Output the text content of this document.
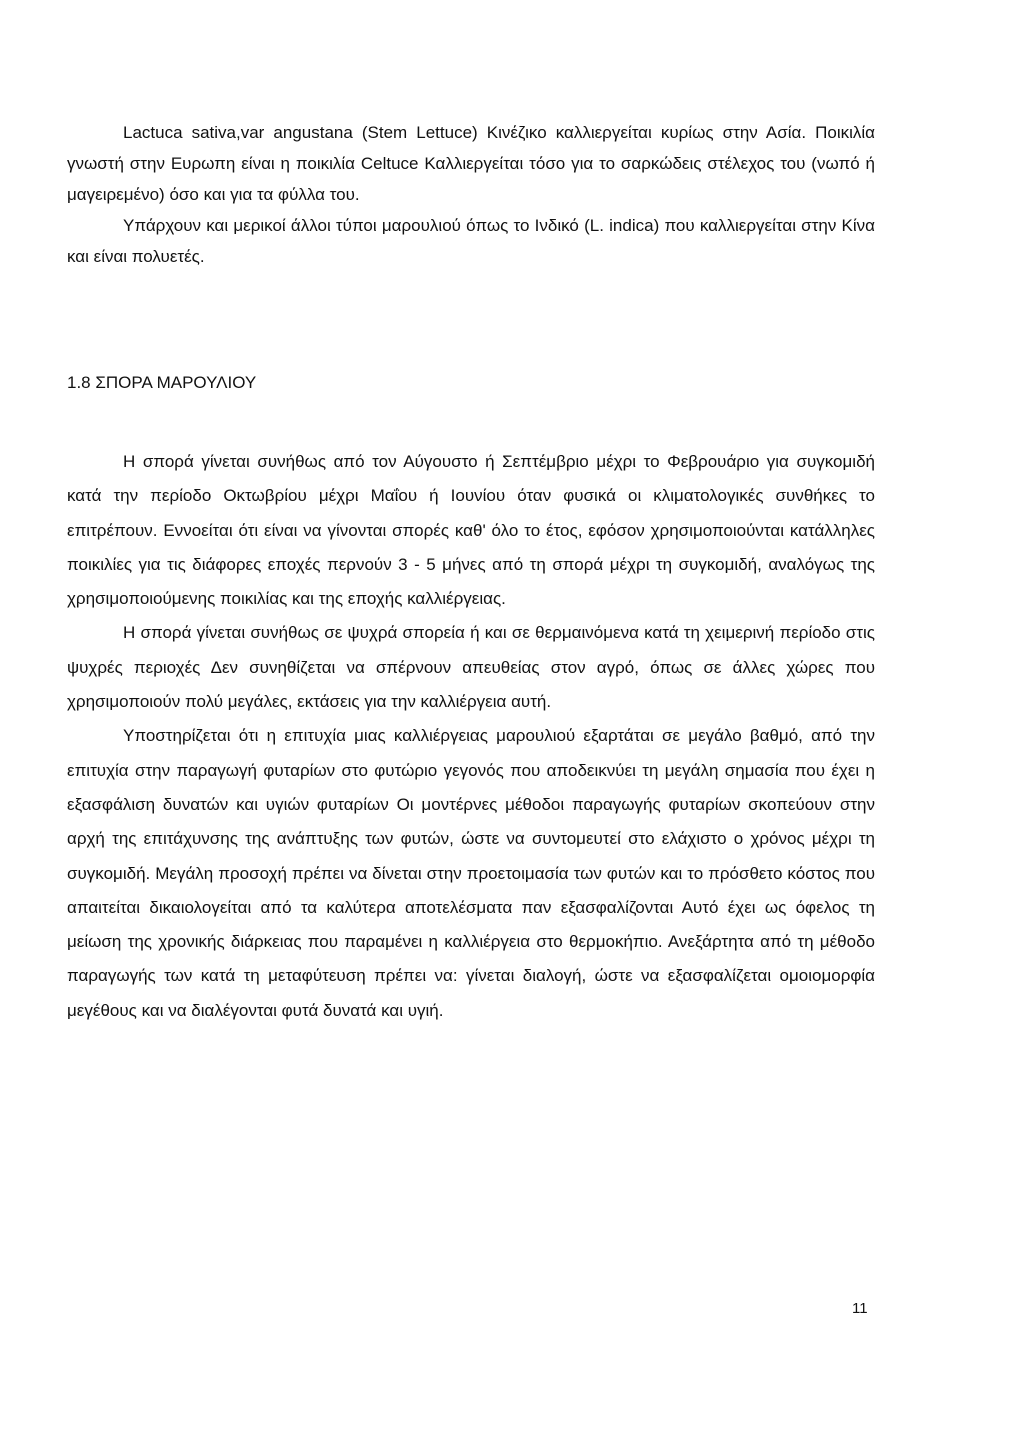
Lactuca sativa,var angustana (Stem Lettuce) Κινέζικο καλλιεργείται κυρίως στην Ασία. Ποικιλία γνωστή στην Ευρωπη είναι η ποικιλία Celtuce Καλλιεργείται τόσο για το σαρκώδεις στέλεχος του (νωπό ή μαγειρεμένο) όσο και για τα φύλλα του.

Υπάρχουν και μερικοί άλλοι τύποι μαρουλιού όπως το Ινδικό (L. indica) που καλλιεργείται στην Κίνα και είναι πολυετές.

1.8 ΣΠΟΡΑ ΜΑΡΟΥΛΙΟΥ

Η σπορά γίνεται συνήθως από τον Αύγουστο ή Σεπτέμβριο μέχρι το Φεβρουάριο για συγκομιδή κατά την περίοδο Οκτωβρίου μέχρι Μαΐου ή Ιουνίου όταν φυσικά οι κλιματολογικές συνθήκες το επιτρέπουν. Εννοείται ότι είναι να γίνονται σπορές καθ' όλο το έτος, εφόσον χρησιμοποιούνται κατάλληλες ποικιλίες για τις διάφορες εποχές περνούν 3 - 5 μήνες από τη σπορά μέχρι τη συγκομιδή, αναλόγως της χρησιμοποιούμενης ποικιλίας και της εποχής καλλιέργειας.

Η σπορά γίνεται συνήθως σε ψυχρά σπορεία ή και σε θερμαινόμενα κατά τη χειμερινή περίοδο στις ψυχρές περιοχές Δεν συνηθίζεται να σπέρνουν απευθείας στον αγρό, όπως σε άλλες χώρες που χρησιμοποιούν πολύ μεγάλες, εκτάσεις για την καλλιέργεια αυτή.

Υποστηρίζεται ότι η επιτυχία μιας καλλιέργειας μαρουλιού εξαρτάται σε μεγάλο βαθμό, από την επιτυχία στην παραγωγή φυταρίων στο φυτώριο γεγονός που αποδεικνύει τη μεγάλη σημασία που έχει η εξασφάλιση δυνατών και υγιών φυταρίων Οι μοντέρνες μέθοδοι παραγωγής φυταρίων σκοπεύουν στην αρχή της επιτάχυνσης της ανάπτυξης των φυτών, ώστε να συντομευτεί στο ελάχιστο ο χρόνος μέχρι τη συγκομιδή. Μεγάλη προσοχή πρέπει να δίνεται στην προετοιμασία των φυτών και το πρόσθετο κόστος που απαιτείται δικαιολογείται από τα καλύτερα αποτελέσματα παν εξασφαλίζονται Αυτό έχει ως όφελος τη μείωση της χρονικής διάρκειας που παραμένει η καλλιέργεια στο θερμοκήπιο. Ανεξάρτητα από τη μέθοδο παραγωγής των κατά τη μεταφύτευση πρέπει να: γίνεται διαλογή, ώστε να εξασφαλίζεται ομοιομορφία μεγέθους και να διαλέγονται φυτά δυνατά και υγιή.

11
